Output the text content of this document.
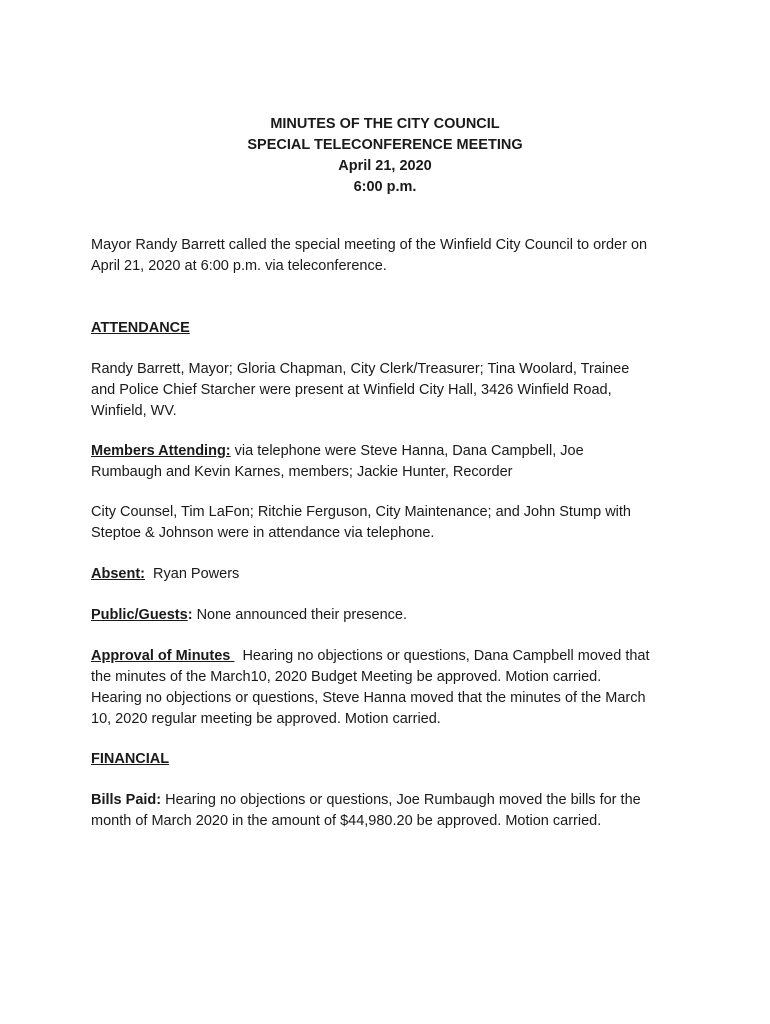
MINUTES OF THE CITY COUNCIL
SPECIAL TELECONFERENCE MEETING
April 21, 2020
6:00 p.m.

Mayor Randy Barrett called the special meeting of the Winfield City Council to order on
April 21, 2020 at 6:00 p.m. via teleconference.

ATTENDANCE

Randy Barrett, Mayor; Gloria Chapman, City Clerk/Treasurer; Tina Woolard, Trainee
and Police Chief Starcher were present at Winfield City Hall, 3426 Winfield Road,
Winfield, WV.

Members Attending: via telephone were Steve Hanna, Dana Campbell, Joe
Rumbaugh and Kevin Karnes, members; Jackie Hunter, Recorder

City Counsel, Tim LaFon; Ritchie Ferguson, City Maintenance; and John Stump with
Steptoe & Johnson were in attendance via telephone.

Absent:  Ryan Powers

Public/Guests: None announced their presence.

Approval of Minutes   Hearing no objections or questions, Dana Campbell moved that
the minutes of the March10, 2020 Budget Meeting be approved. Motion carried.
Hearing no objections or questions, Steve Hanna moved that the minutes of the March
10, 2020 regular meeting be approved. Motion carried.

FINANCIAL

Bills Paid: Hearing no objections or questions, Joe Rumbaugh moved the bills for the
month of March 2020 in the amount of $44,980.20 be approved. Motion carried.
